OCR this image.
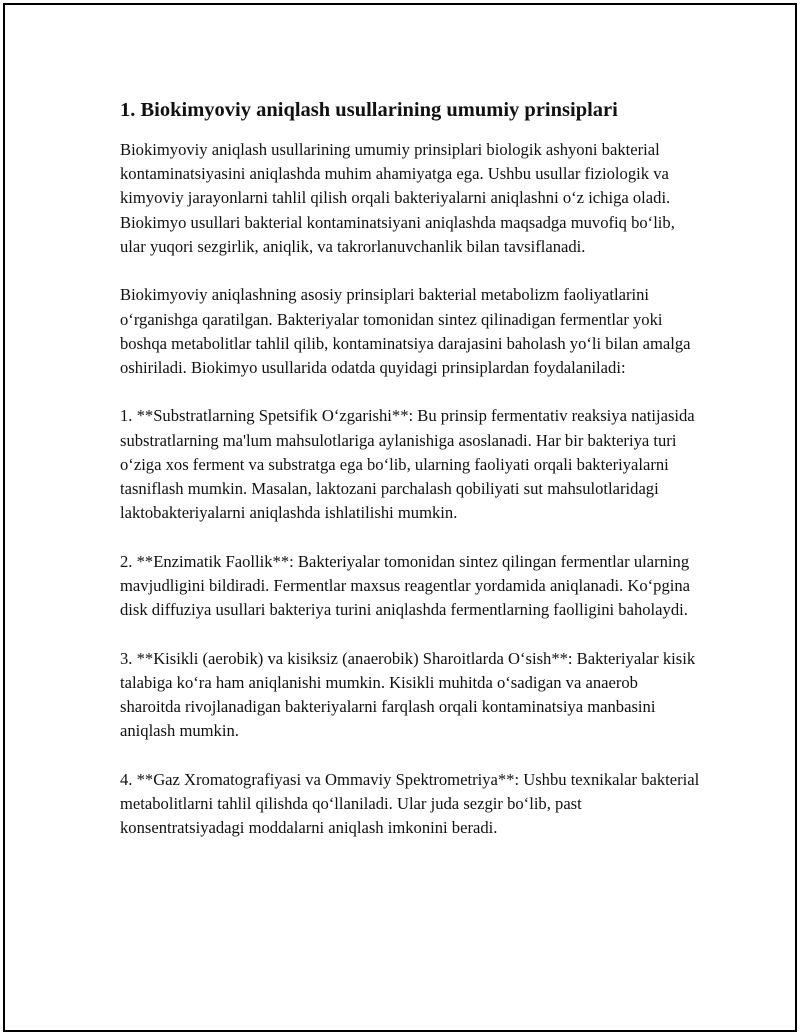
1. Biokimyoviy aniqlash usullarining umumiy prinsiplari

Biokimyoviy aniqlash usullarining umumiy prinsiplari biologik ashyoni bakterial kontaminatsiyasini aniqlashda muhim ahamiyatga ega. Ushbu usullar fiziologik va kimyoviy jarayonlarni tahlil qilish orqali bakteriyalarni aniqlashni o‘z ichiga oladi. Biokimyo usullari bakterial kontaminatsiyani aniqlashda maqsadga muvofiq bo‘lib, ular yuqori sezgirlik, aniqlik, va takrorlanuvchanlik bilan tavsiflanadi.

Biokimyoviy aniqlashning asosiy prinsiplari bakterial metabolizm faoliyatlarini o‘rganishga qaratilgan. Bakteriyalar tomonidan sintez qilinadigan fermentlar yoki boshqa metabolitlar tahlil qilib, kontaminatsiya darajasini baholash yo‘li bilan amalga oshiriladi. Biokimyo usullarida odatda quyidagi prinsiplardan foydalaniladi:

1. **Substratlarning Spetsifik O‘zgarishi**: Bu prinsip fermentativ reaksiya natijasida substratlarning ma'lum mahsulotlariga aylanishiga asoslanadi. Har bir bakteriya turi o‘ziga xos ferment va substratga ega bo‘lib, ularning faoliyati orqali bakteriyalarni tasniflash mumkin. Masalan, laktozani parchalash qobiliyati sut mahsulotlaridagi laktobakteriyalarni aniqlashda ishlatilishi mumkin.

2. **Enzimatik Faollik**: Bakteriyalar tomonidan sintez qilingan fermentlar ularning mavjudligini bildiradi. Fermentlar maxsus reagentlar yordamida aniqlanadi. Ko‘pgina disk diffuziya usullari bakteriya turini aniqlashda fermentlarning faolligini baholaydi.

3. **Kisikli (aerobik) va kisiksiz (anaerobik) Sharoitlarda O‘sish**: Bakteriyalar kisik talabiga ko‘ra ham aniqlanishi mumkin. Kisikli muhitda o‘sadigan va anaerob sharoitda rivojlanadigan bakteriyalarni farqlash orqali kontaminatsiya manbasini aniqlash mumkin.

4. **Gaz Xromatografiyasi va Ommaviy Spektrometriya**: Ushbu texnikalar bakterial metabolitlarni tahlil qilishda qo‘llaniladi. Ular juda sezgir bo‘lib, past konsentratsiyadagi moddalarni aniqlash imkonini beradi.
